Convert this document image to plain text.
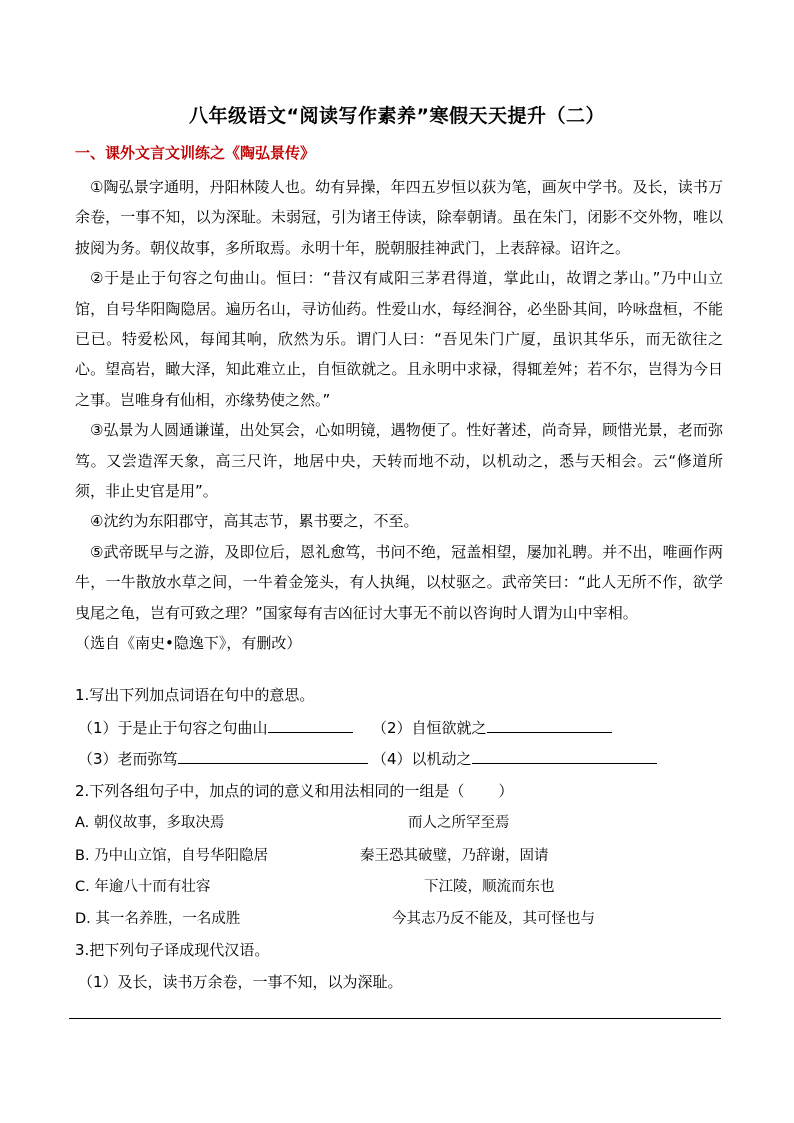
八年级语文“阅读写作素养”寒假天天提升（二）
一、课外文言文训练之《陶弘景传》

①陶弘景字通明，丹阳林陵人也。幼有异操，年四五岁恒以荻为笔，画灰中学书。及长，读书万余卷，一事不知，以为深耻。未弱冠，引为诸王侍读，除奉朝请。虽在朱门，闭影不交外物，唯以披阅为务。朝仪故事，多所取焉。永明十年，脱朝服挂神武门，上表辞禄。诏许之。

②于是止于句容之句曲山。恒曰：“昔汉有咸阳三茅君得道，掌此山，故谓之茅山。”乃中山立馆，自号华阳陶隐居。遍历名山，寻访仙药。性爱山水，每经涧谷，必坐卧其间，吟咏盘桓，不能已已。特爱松风，每闻其响，欣然为乐。谓门人曰：“吾见朱门广厦，虽识其华乐，而无欲往之心。望高岩，瞰大泽，知此难立止，自恒欲就之。且永明中求禄，得辄差舛；若不尔，岂得为今日之事。岂唯身有仙相，亦缘势使之然。”

③弘景为人圆通谦谨，出处冥会，心如明镜，遇物便了。性好著述，尚奇异，顾惜光景，老而弥笃。又尝造浑天象，高三尺许，地居中央，天转而地不动，以机动之，悉与天相会。云“修道所须，非止史官是用”。

④沈约为东阳郡守，高其志节，累书要之，不至。

⑤武帝既早与之游，及即位后，恩礼愈笃，书问不绝，冠盖相望，屡加礼聘。并不出，唯画作两牛，一牛散放水草之间，一牛着金笼头，有人执绳，以杖驱之。武帝笑曰：“此人无所不作，欲学曳尾之龟，岂有可致之理？”国家每有吉凶征讨大事无不前以咨询时人谓为山中宰相。

（选自《南史•隐逸下》，有删改）

1.写出下列加点词语在句中的意思。
（1）于是止于句容之句曲山	（2）自恒欲就之
（3）老而弥笃	（4）以机动之
2.下列各组句子中，加点的词的意义和用法相同的一组是（ ）
A. 朝仪故事，多取决焉	而人之所罕至焉
B. 乃中山立馆，自号华阳隐居	秦王恐其破璧，乃辞谢，固请
C. 年逾八十而有壮容	下江陵，顺流而东也
D. 其一名养胜，一名成胜	今其志乃反不能及，其可怪也与
3.把下列句子译成现代汉语。
（1）及长，读书万余卷，一事不知，以为深耻。
